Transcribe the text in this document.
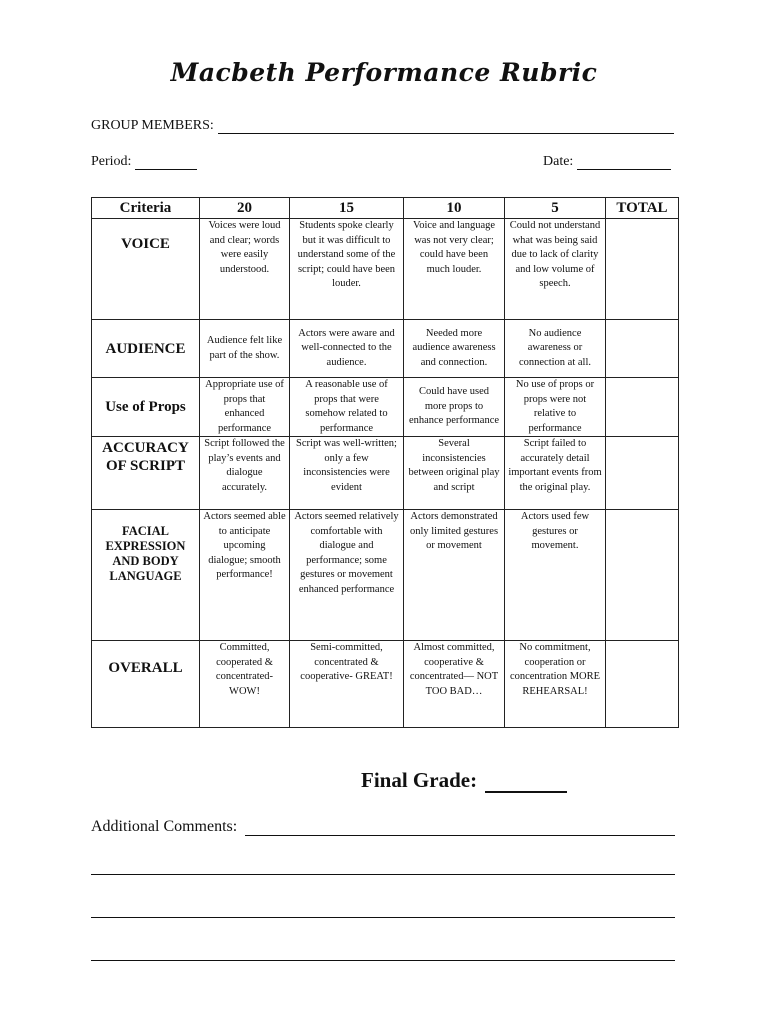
Macbeth Performance Rubric
GROUP MEMBERS:
Period:	Date:
Criteria	20	15	10	5	TOTAL
VOICE	Voices were loud and clear; words were easily understood.	Students spoke clearly but it was difficult to understand some of the script; could have been louder.	Voice and language was not very clear; could have been much louder.	Could not understand what was being said due to lack of clarity and low volume of speech.	
AUDIENCE	Audience felt like part of the show.	Actors were aware and well-connected to the audience.	Needed more audience awareness and connection.	No audience awareness or connection at all.	
Use of Props	Appropriate use of props that enhanced performance	A reasonable use of props that were somehow related to performance	Could have used more props to enhance performance	No use of props or props were not relative to performance	
ACCURACY OF SCRIPT	Script followed the play’s events and dialogue accurately.	Script was well-written; only a few inconsistencies were evident	Several inconsistencies between original play and script	Script failed to accurately detail important events from the original play.	
FACIAL EXPRESSION AND BODY LANGUAGE	Actors seemed able to anticipate upcoming dialogue; smooth performance!	Actors seemed relatively comfortable with dialogue and performance; some gestures or movement enhanced performance	Actors demonstrated only limited gestures or movement	Actors used few gestures or movement.	
OVERALL	Committed, cooperated & concentrated- WOW!	Semi-committed, concentrated & cooperative- GREAT!	Almost committed, cooperative & concentrated— NOT TOO BAD…	No commitment, cooperation or concentration MORE REHEARSAL!	
Final Grade:
Additional Comments:
